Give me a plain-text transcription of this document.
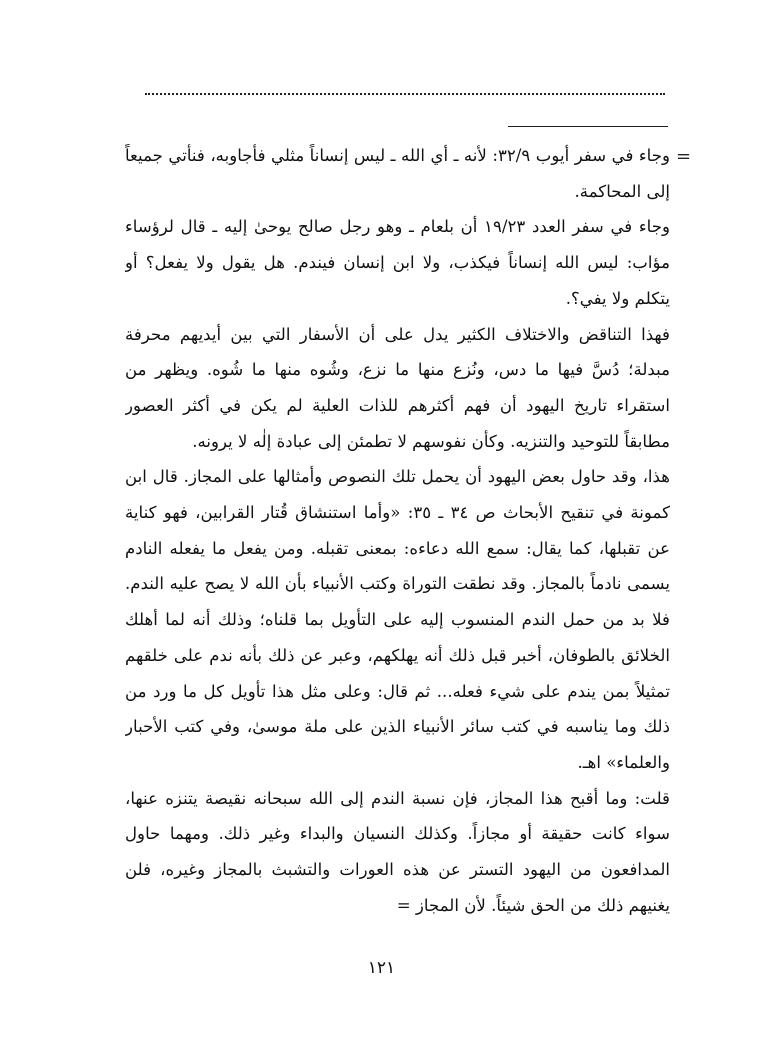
=

وجاء في سفر أيوب ٣٢/٩: لأنه ـ أي الله ـ ليس إنساناً مثلي فأجاوبه، فنأتي جميعاً إلى المحاكمة.

وجاء في سفر العدد ١٩/٢٣ أن بلعام ـ وهو رجل صالح يوحىٰ إليه ـ قال لرؤساء مؤاب: ليس الله إنساناً فيكذب، ولا ابن إنسان فيندم. هل يقول ولا يفعل؟ أو يتكلم ولا يفي؟.

فهذا التناقض والاختلاف الكثير يدل على أن الأسفار التي بين أيديهم محرفة مبدلة؛ دُسَّ فيها ما دس، ونُزع منها ما نزع، وشُوه منها ما شُوه. ويظهر من استقراء تاريخ اليهود أن فهم أكثرهم للذات العلية لم يكن في أكثر العصور مطابقاً للتوحيد والتنزيه. وكأن نفوسهم لا تطمئن إلى عبادة إلٰه لا يرونه.

هذا، وقد حاول بعض اليهود أن يحمل تلك النصوص وأمثالها على المجاز. قال ابن كمونة في تنقيح الأبحاث ص ٣٤ ـ ٣٥: «وأما استنشاق قُتار القرابين، فهو كناية عن تقبلها، كما يقال: سمع الله دعاءه: بمعنى تقبله. ومن يفعل ما يفعله النادم يسمى نادماً بالمجاز. وقد نطقت التوراة وكتب الأنبياء بأن الله لا يصح عليه الندم. فلا بد من حمل الندم المنسوب إليه على التأويل بما قلناه؛ وذلك أنه لما أهلك الخلائق بالطوفان، أخبر قبل ذلك أنه يهلكهم، وعبر عن ذلك بأنه ندم على خلقهم تمثيلاً بمن يندم على شيء فعله... ثم قال: وعلى مثل هذا تأويل كل ما ورد من ذلك وما يناسبه في كتب سائر الأنبياء الذين على ملة موسىٰ، وفي كتب الأحبار والعلماء» اهـ.

قلت: وما أقبح هذا المجاز، فإن نسبة الندم إلى الله سبحانه نقيصة يتنزه عنها، سواء كانت حقيقة أو مجازاً. وكذلك النسيان والبداء وغير ذلك. ومهما حاول المدافعون من اليهود التستر عن هذه العورات والتشبث بالمجاز وغيره، فلن يغنيهم ذلك من الحق شيئاً. لأن المجاز =

١٢١
